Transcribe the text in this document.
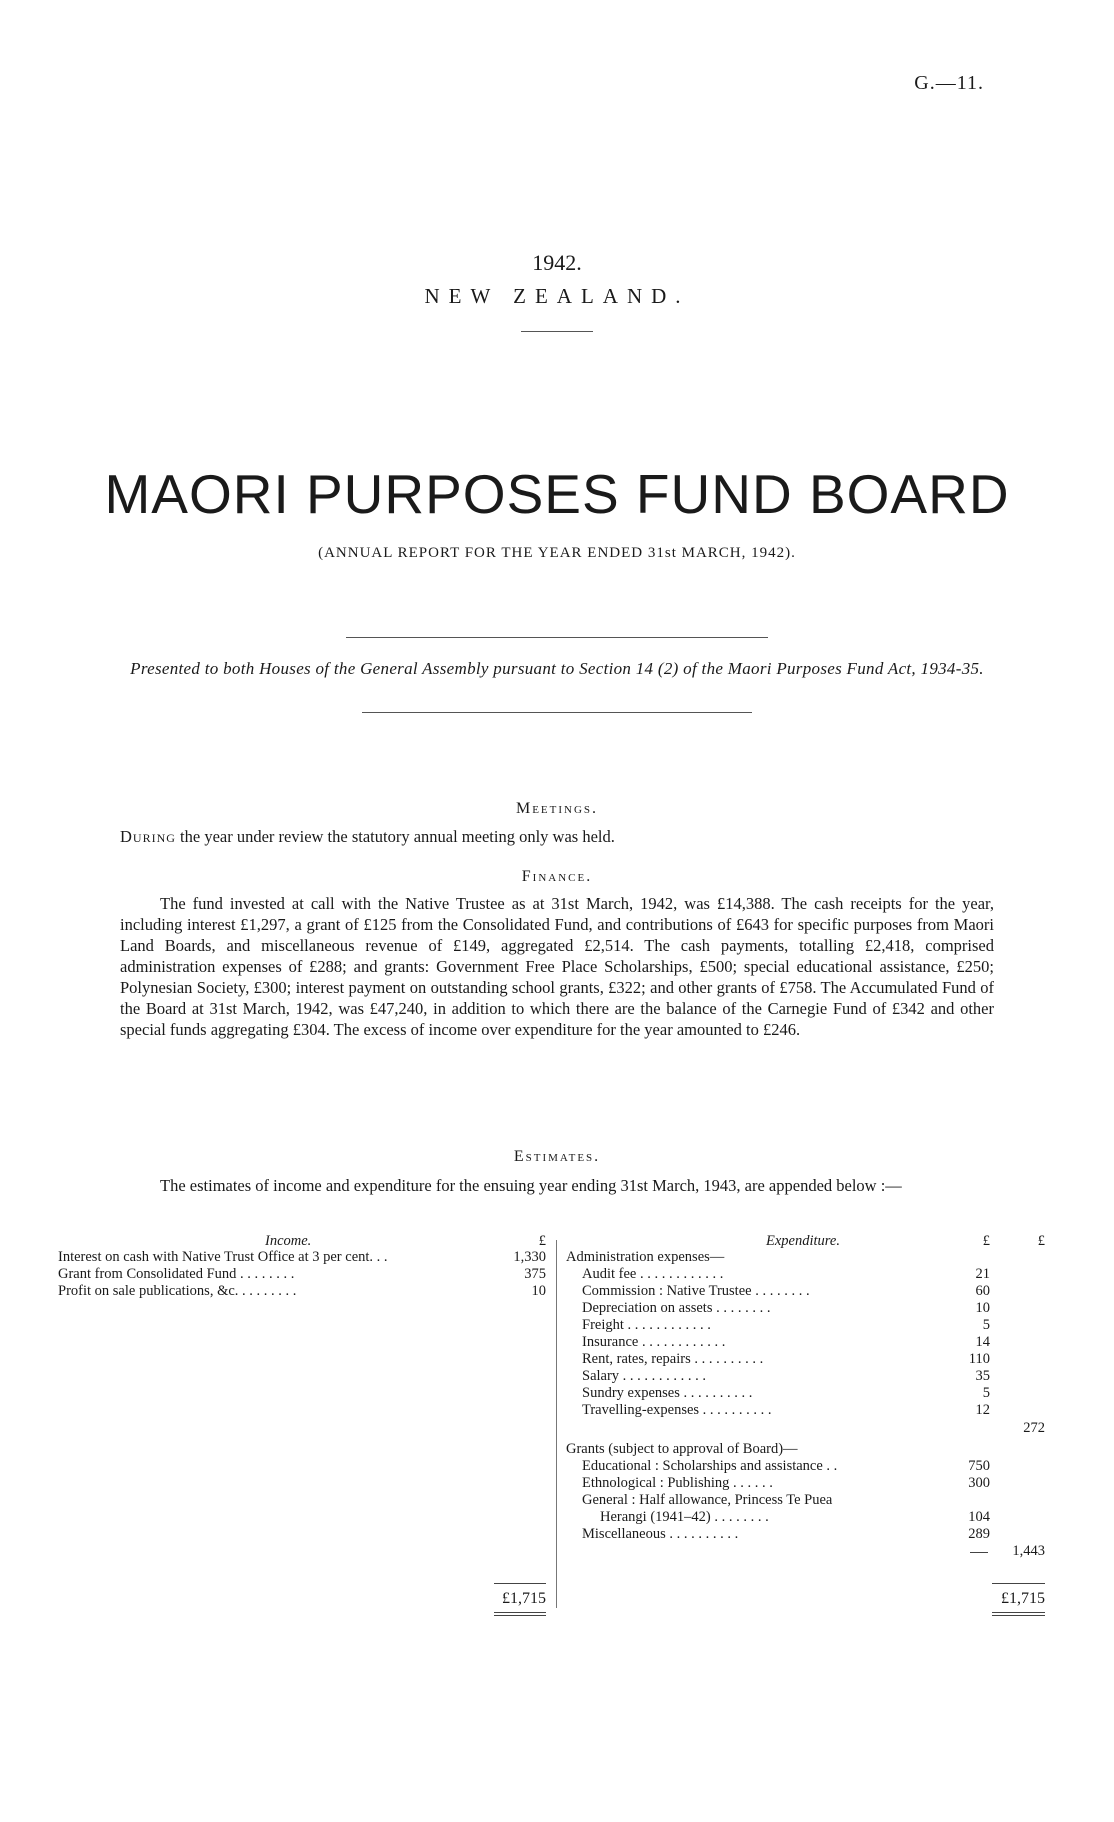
G.—11.
1942.
NEW ZEALAND.
MAORI PURPOSES FUND BOARD
(ANNUAL REPORT FOR THE YEAR ENDED 31st MARCH, 1942).
Presented to both Houses of the General Assembly pursuant to Section 14 (2) of the Maori Purposes Fund Act, 1934-35.
Meetings.
During the year under review the statutory annual meeting only was held.
Finance.
The fund invested at call with the Native Trustee as at 31st March, 1942, was £14,388. The cash receipts for the year, including interest £1,297, a grant of £125 from the Consolidated Fund, and contributions of £643 for specific purposes from Maori Land Boards, and miscellaneous revenue of £149, aggregated £2,514. The cash payments, totalling £2,418, comprised administration expenses of £288; and grants: Government Free Place Scholarships, £500; special educational assistance, £250; Polynesian Society, £300; interest payment on outstanding school grants, £322; and other grants of £758. The Accumulated Fund of the Board at 31st March, 1942, was £47,240, in addition to which there are the balance of the Carnegie Fund of £342 and other special funds aggregating £304. The excess of income over expenditure for the year amounted to £246.
Estimates.
The estimates of income and expenditure for the ensuing year ending 31st March, 1943, are appended below :—
Income.	£
Interest on cash with Native Trust Office at 3 per cent. . .	1,330
Grant from Consolidated Fund . . . . . . . .	375
Profit on sale publications, &c. . . . . . . . .	10
£1,715
Expenditure.	£	£
Administration expenses—
Audit fee . . . . . . . . . . . .	21
Commission : Native Trustee . . . . . . . .	60
Depreciation on assets . . . . . . . .	10
Freight . . . . . . . . . . . .	5
Insurance . . . . . . . . . . . .	14
Rent, rates, repairs . . . . . . . . . .	110
Salary . . . . . . . . . . . .	35
Sundry expenses . . . . . . . . . .	5
Travelling-expenses . . . . . . . . . .	12
272
Grants (subject to approval of Board)—
Educational : Scholarships and assistance . .	750
Ethnological : Publishing . . . . . .	300
General : Half allowance, Princess Te Puea
Herangi (1941–42) . . . . . . . .	104
Miscellaneous . . . . . . . . . .	289
1,443
£1,715
